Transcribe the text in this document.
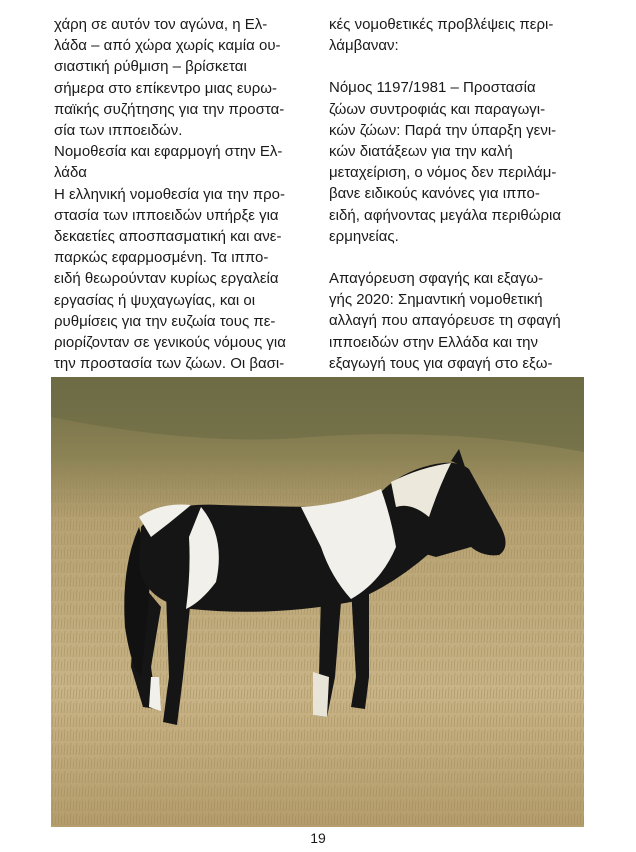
χάρη σε αυτόν τον αγώνα, η Ελ-
λάδα – από χώρα χωρίς καμία ου-
σιαστική ρύθμιση – βρίσκεται
σήμερα στο επίκεντρο μιας ευρω-
παϊκής συζήτησης για την προστα-
σία των ιπποειδών.
Νομοθεσία και εφαρμογή στην Ελ-
λάδα
Η ελληνική νομοθεσία για την προ-
στασία των ιπποειδών υπήρξε για
δεκαετίες αποσπασματική και ανε-
παρκώς εφαρμοσμένη. Τα ιππο-
ειδή θεωρούνταν κυρίως εργαλεία
εργασίας ή ψυχαγωγίας, και οι
ρυθμίσεις για την ευζωία τους πε-
ριορίζονταν σε γενικούς νόμους για
την προστασία των ζώων. Οι βασι-
κές νομοθετικές προβλέψεις περι-
λάμβαναν:
Νόμος 1197/1981 – Προστασία
ζώων συντροφιάς και παραγωγι-
κών ζώων: Παρά την ύπαρξη γενι-
κών διατάξεων για την καλή
μεταχείριση, ο νόμος δεν περιλάμ-
βανε ειδικούς κανόνες για ιππο-
ειδή, αφήνοντας μεγάλα περιθώρια
ερμηνείας.
Απαγόρευση σφαγής και εξαγω-
γής 2020: Σημαντική νομοθετική
αλλαγή που απαγόρευσε τη σφαγή
ιπποειδών στην Ελλάδα και την
εξαγωγή τους για σφαγή στο εξω-
19
